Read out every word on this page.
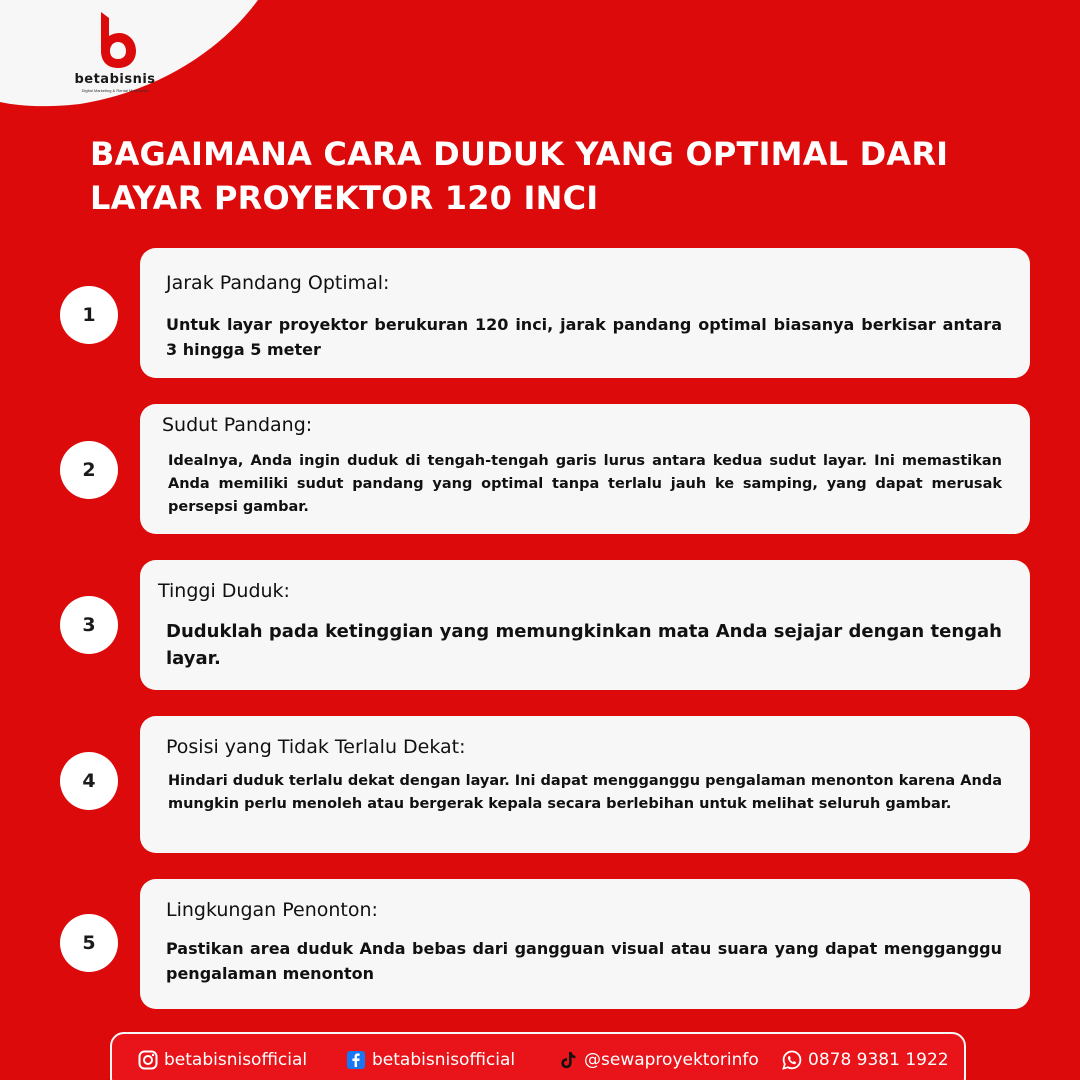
betabisnis
Digital Marketing & Rental Multimedia
BAGAIMANA CARA DUDUK YANG OPTIMAL DARI
LAYAR PROYEKTOR 120 INCI
1
Jarak Pandang Optimal:
Untuk layar proyektor berukuran 120 inci, jarak pandang optimal biasanya berkisar antara 3 hingga 5 meter
2
Sudut Pandang:
Idealnya, Anda ingin duduk di tengah-tengah garis lurus antara kedua sudut layar. Ini memastikan Anda memiliki sudut pandang yang optimal tanpa terlalu jauh ke samping, yang dapat merusak persepsi gambar.
3
Tinggi Duduk:
Duduklah pada ketinggian yang memungkinkan mata Anda sejajar dengan tengah layar.
4
Posisi yang Tidak Terlalu Dekat:
Hindari duduk terlalu dekat dengan layar. Ini dapat mengganggu pengalaman menonton karena Anda mungkin perlu menoleh atau bergerak kepala secara berlebihan untuk melihat seluruh gambar.
5
Lingkungan Penonton:
Pastikan area duduk Anda bebas dari gangguan visual atau suara yang dapat mengganggu pengalaman menonton
betabisnisofficial	betabisnisofficial	@sewaproyektorinfo	0878 9381 1922
